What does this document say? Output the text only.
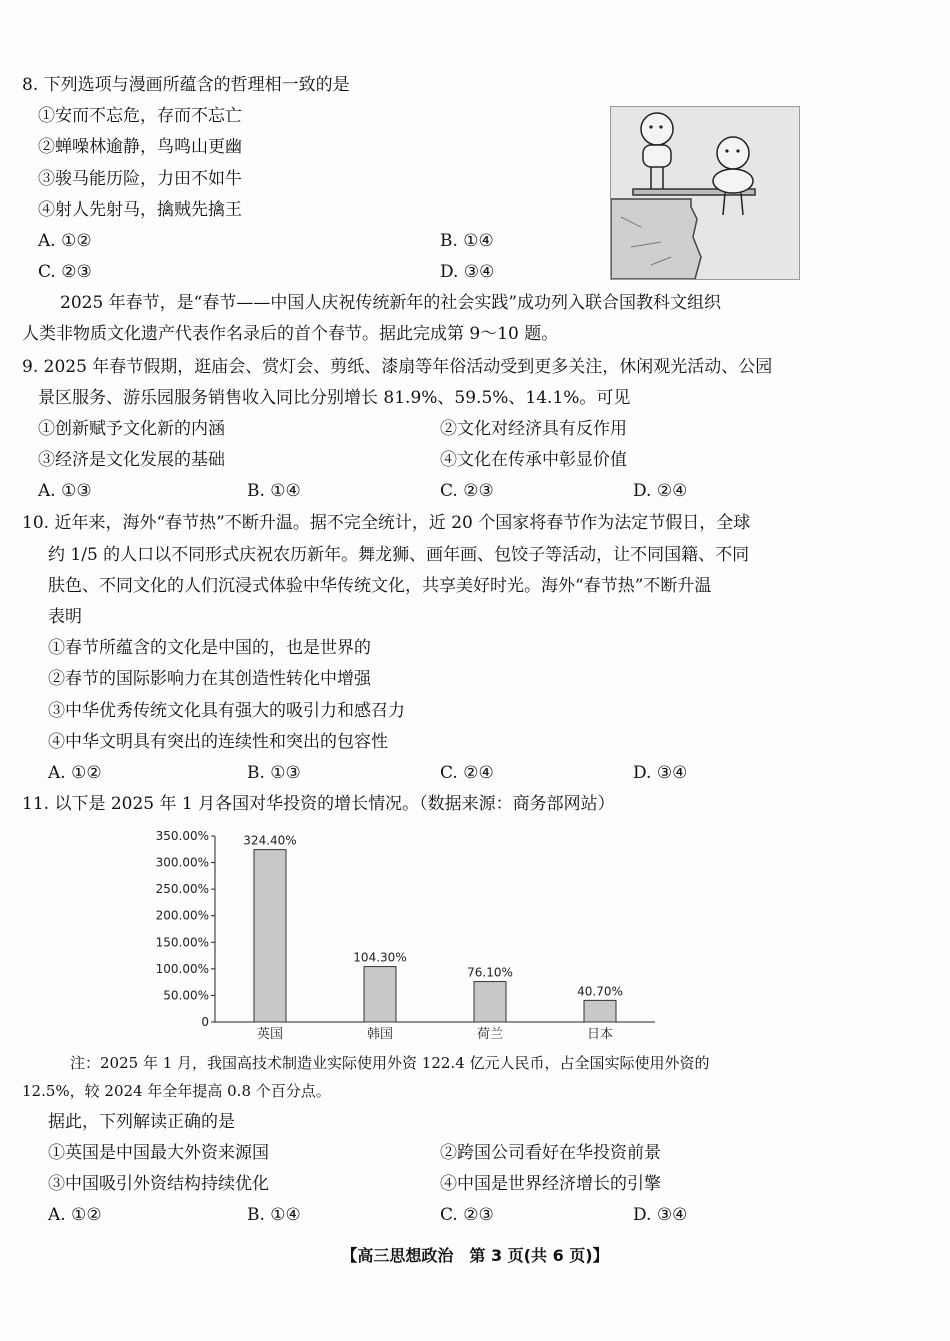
8. 下列选项与漫画所蕴含的哲理相一致的是
①安而不忘危，存而不忘亡
②蝉噪林逾静，鸟鸣山更幽
③骏马能历险，力田不如牛
④射人先射马，擒贼先擒王
A. ①②	B. ①④
C. ②③	D. ③④
2025 年春节，是“春节——中国人庆祝传统新年的社会实践”成功列入联合国教科文组织
人类非物质文化遗产代表作名录后的首个春节。据此完成第 9～10 题。
9. 2025 年春节假期，逛庙会、赏灯会、剪纸、漆扇等年俗活动受到更多关注，休闲观光活动、公园
景区服务、游乐园服务销售收入同比分别增长 81.9%、59.5%、14.1%。可见
①创新赋予文化新的内涵	②文化对经济具有反作用
③经济是文化发展的基础	④文化在传承中彰显价值
A. ①③	B. ①④	C. ②③	D. ②④
10. 近年来，海外“春节热”不断升温。据不完全统计，近 20 个国家将春节作为法定节假日，全球
约 1/5 的人口以不同形式庆祝农历新年。舞龙狮、画年画、包饺子等活动，让不同国籍、不同
肤色、不同文化的人们沉浸式体验中华传统文化，共享美好时光。海外“春节热”不断升温
表明
①春节所蕴含的文化是中国的，也是世界的
②春节的国际影响力在其创造性转化中增强
③中华优秀传统文化具有强大的吸引力和感召力
④中华文明具有突出的连续性和突出的包容性
A. ①②	B. ①③	C. ②④	D. ③④
11. 以下是 2025 年 1 月各国对华投资的增长情况。（数据来源：商务部网站）
0
50.00%
100.00%
150.00%
200.00%
250.00%
300.00%
350.00%	324.40%
英国
104.30%
韩国
76.10%
荷兰
40.70%
日本
注：2025 年 1 月，我国高技术制造业实际使用外资 122.4 亿元人民币，占全国实际使用外资的
12.5%，较 2024 年全年提高 0.8 个百分点。
据此，下列解读正确的是
①英国是中国最大外资来源国	②跨国公司看好在华投资前景
③中国吸引外资结构持续优化	④中国是世界经济增长的引擎
A. ①②	B. ①④	C. ②③	D. ③④
【高三思想政治　第 3 页(共 6 页)】
